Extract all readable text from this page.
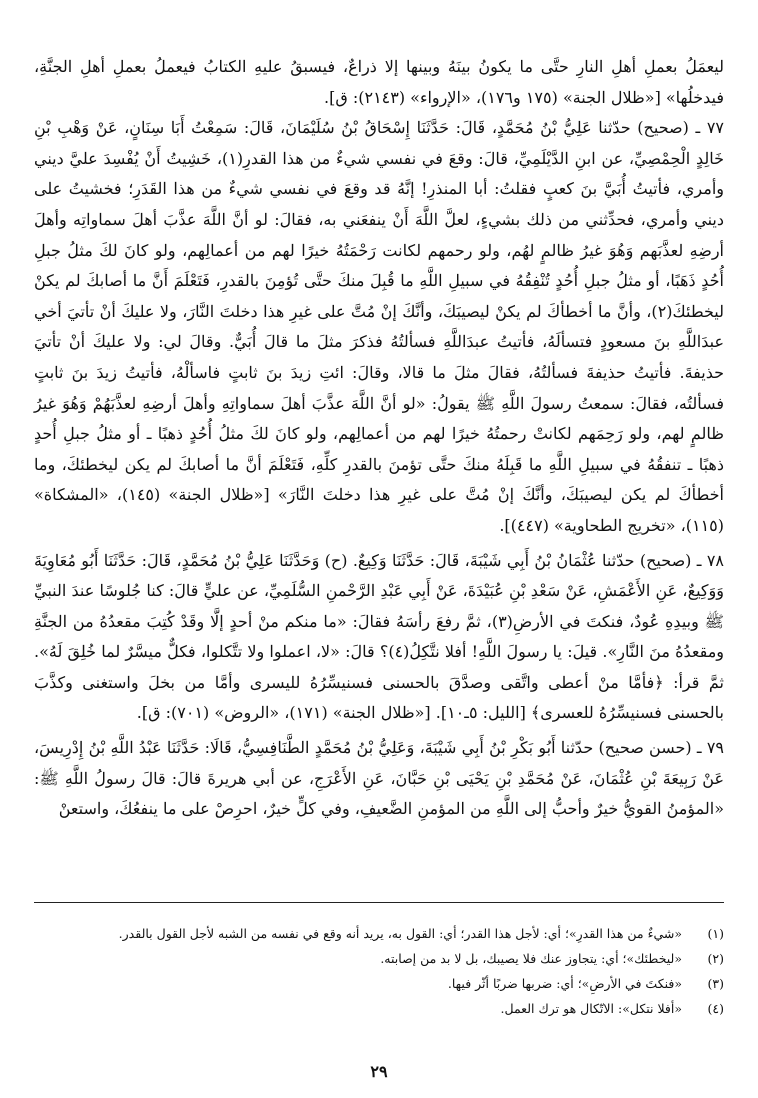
ليعمَلُ بعملِ أهلِ النارِ حتَّى ما يكونُ بينَهُ وبينها إلا ذراعٌ، فيسبقُ عليهِ الكتابُ فيعملُ بعملِ أهلِ الجنَّةِ، فيدخلُها» [«ظلال الجنة» (١٧٥ و١٧٦)، «الإرواء» (٢١٤٣): ق].

٧٧ ـ (صحيح) حدّثنا عَلِيُّ بْنُ مُحَمَّدٍ، قَالَ: حَدَّثَنَا إِسْحَاقُ بْنُ سُلَيْمَانَ، قَالَ: سَمِعْتُ أَبَا سِنَانٍ، عَنْ وَهْبِ بْنِ خَالِدٍ الْحِمْصِيِّ، عن ابنِ الدَّيْلَمِيِّ، قالَ: وقعَ في نفسي شيءٌ من هذا القدرِ(١)، خَشِيتُ أَنْ يُفْسِدَ عليَّ ديني وأمري، فأتيتُ أُبَيَّ بنَ كعبٍ فقلتُ: أبا المنذرِ! إنَّهُ قد وقعَ في نفسي شيءٌ من هذا القَدَرِ؛ فخشيتُ على ديني وأمري، فحدِّثني من ذلك بشيءٍ، لعلَّ اللَّهَ أَنْ ينفعَني به، فقالَ: لو أنَّ اللَّهَ عذَّبَ أهلَ سماواتِه وأهلَ أرضِهِ لعذَّبَهم وَهُوَ غيرُ ظالمٍ لهُم، ولو رحمهم لكانت رَحْمَتُهُ خيرًا لهم من أعمالِهم، ولو كانَ لكَ مثلُ جبلِ أُحُدٍ ذَهَبًا، أو مثلُ جبلِ أُحُدٍ تُنْفِقُهُ في سبيلِ اللَّهِ ما قُبِلَ منكَ حتَّى تُؤمِنَ بالقدرِ، فَتَعْلَمَ أَنَّ ما أصابكَ لم يكنْ ليخطئكَ(٢)، وأنَّ ما أخطأكَ لم يكنْ ليصيبَكَ، وأنَّكَ إنْ مُتَّ على غيرِ هذا دخلتَ النَّارَ، ولا عليكَ أنْ تأتيَ أخي عبدَاللَّهِ بنَ مسعودٍ فتسألَهُ، فأتيتُ عبدَاللَّهِ فسألتُهُ فذكرَ مثلَ ما قالَ أُبَيٌّ. وقالَ لي: ولا عليكَ أنْ تأتيَ حذيفةَ. فأتيتُ حذيفةَ فسألتُهُ، فقالَ مثلَ ما قالا، وقالَ: ائتِ زيدَ بنَ ثابتٍ فاسألْهُ، فأتيتُ زيدَ بنَ ثابتٍ فسألتُه، فقالَ: سمعتُ رسولَ اللَّهِ ﷺ يقولُ: «لو أنَّ اللَّهَ عذَّبَ أهلَ سماواتِهِ وأهلَ أرضِهِ لعذَّبَهُمْ وَهُوَ غيرُ ظالمٍ لهم، ولو رَحِمَهم لكانتْ رحمتُهُ خيرًا لهم من أعمالِهم، ولو كانَ لكَ مثلُ أُحُدٍ ذهبًا ـ أو مثلُ جبلِ أُحدٍ ذهبًا ـ تنفقُهُ في سبيلِ اللَّهِ ما قَبِلَهُ منكَ حتَّى تؤمنَ بالقدرِ كلِّهِ، فَتَعْلَمَ أنَّ ما أصابكَ لم يكن ليخطئكَ، وما أخطأكَ لم يكن ليصيبَكَ، وأنَّكَ إنْ مُتَّ على غيرِ هذا دخلتَ النَّارَ» [«ظلال الجنة» (١٤٥)، «المشكاة» (١١٥)، «تخريج الطحاوية» (٤٤٧)].

٧٨ ـ (صحيح) حدّثنا عُثْمَانُ بْنُ أَبِي شَيْبَةَ، قَالَ: حَدَّثَنَا وَكِيعٌ. (ح) وَحَدَّثَنَا عَلِيُّ بْنُ مُحَمَّدٍ، قَالَ: حَدَّثَنَا أَبُو مُعَاوِيَةَ وَوَكِيعٌ، عَنِ الأَعْمَشِ، عَنْ سَعْدِ بْنِ عُبَيْدَةَ، عَنْ أَبِي عَبْدِ الرَّحْمنِ السُّلَمِيِّ، عن عليٍّ قالَ: كنا جُلوسًا عندَ النبيِّ ﷺ وبيدِهِ عُودٌ، فنكتَ في الأرضِ(٣)، ثمَّ رفعَ رأسَهُ فقالَ: «ما منكم منْ أحدٍ إلَّا وقَدْ كُتِبَ مقعدُهُ من الجنَّةِ ومقعدُهُ منَ النَّارِ». قيلَ: يا رسولَ اللَّهِ! أفلا نتَّكِلُ(٤)؟ قالَ: «لا، اعملوا ولا تتَّكلوا، فكلٌّ ميسَّرٌ لما خُلِقَ لَهُ». ثمَّ قرأ: ﴿فأمَّا منْ أعطى واتَّقى وصدَّقَ بالحسنى فسنيسِّرُهُ لليسرى وأمَّا من بخلَ واستغنى وكذَّبَ بالحسنى فسنيسِّرُهُ للعسرى﴾ [الليل: ٥ـ١٠]. [«ظلال الجنة» (١٧١)، «الروض» (٧٠١): ق].

٧٩ ـ (حسن صحيح) حدّثنا أَبُو بَكْرِ بْنُ أَبِي شَيْبَةَ، وَعَلِيُّ بْنُ مُحَمَّدٍ الطَّنَافِسِيُّ، قَالَا: حَدَّثَنَا عَبْدُ اللَّهِ بْنُ إِدْرِيسَ، عَنْ رَبِيعَةَ بْنِ عُثْمَانَ، عَنْ مُحَمَّدِ بْنِ يَحْيَى بْنِ حَبَّانَ، عَنِ الأَعْرَجِ، عن أبي هريرةَ قالَ: قالَ رسولُ اللَّهِ ﷺ: «المؤمنُ القويُّ خيرٌ وأحبُّ إلى اللَّهِ من المؤمنِ الضَّعيفِ، وفي كلٍّ خيرٌ، احرِصْ على ما ينفعُكَ، واستعنْ

(١)
«شيءٌ من هذا القدرِ»؛ أي: لأجل هذا القدر؛ أي: القول به، يريد أنه وقع في نفسه من الشبه لأجل القول بالقدر.
(٢)
«ليخطئك»؛ أي: يتجاوز عنك فلا يصيبك، بل لا بد من إصابته.
(٣)
«فنكتَ في الأرضِ»؛ أي: ضربها ضربًا أثّر فيها.
(٤)
«أفلا نتكل»: الاتّكال هو ترك العمل.
٢٩
